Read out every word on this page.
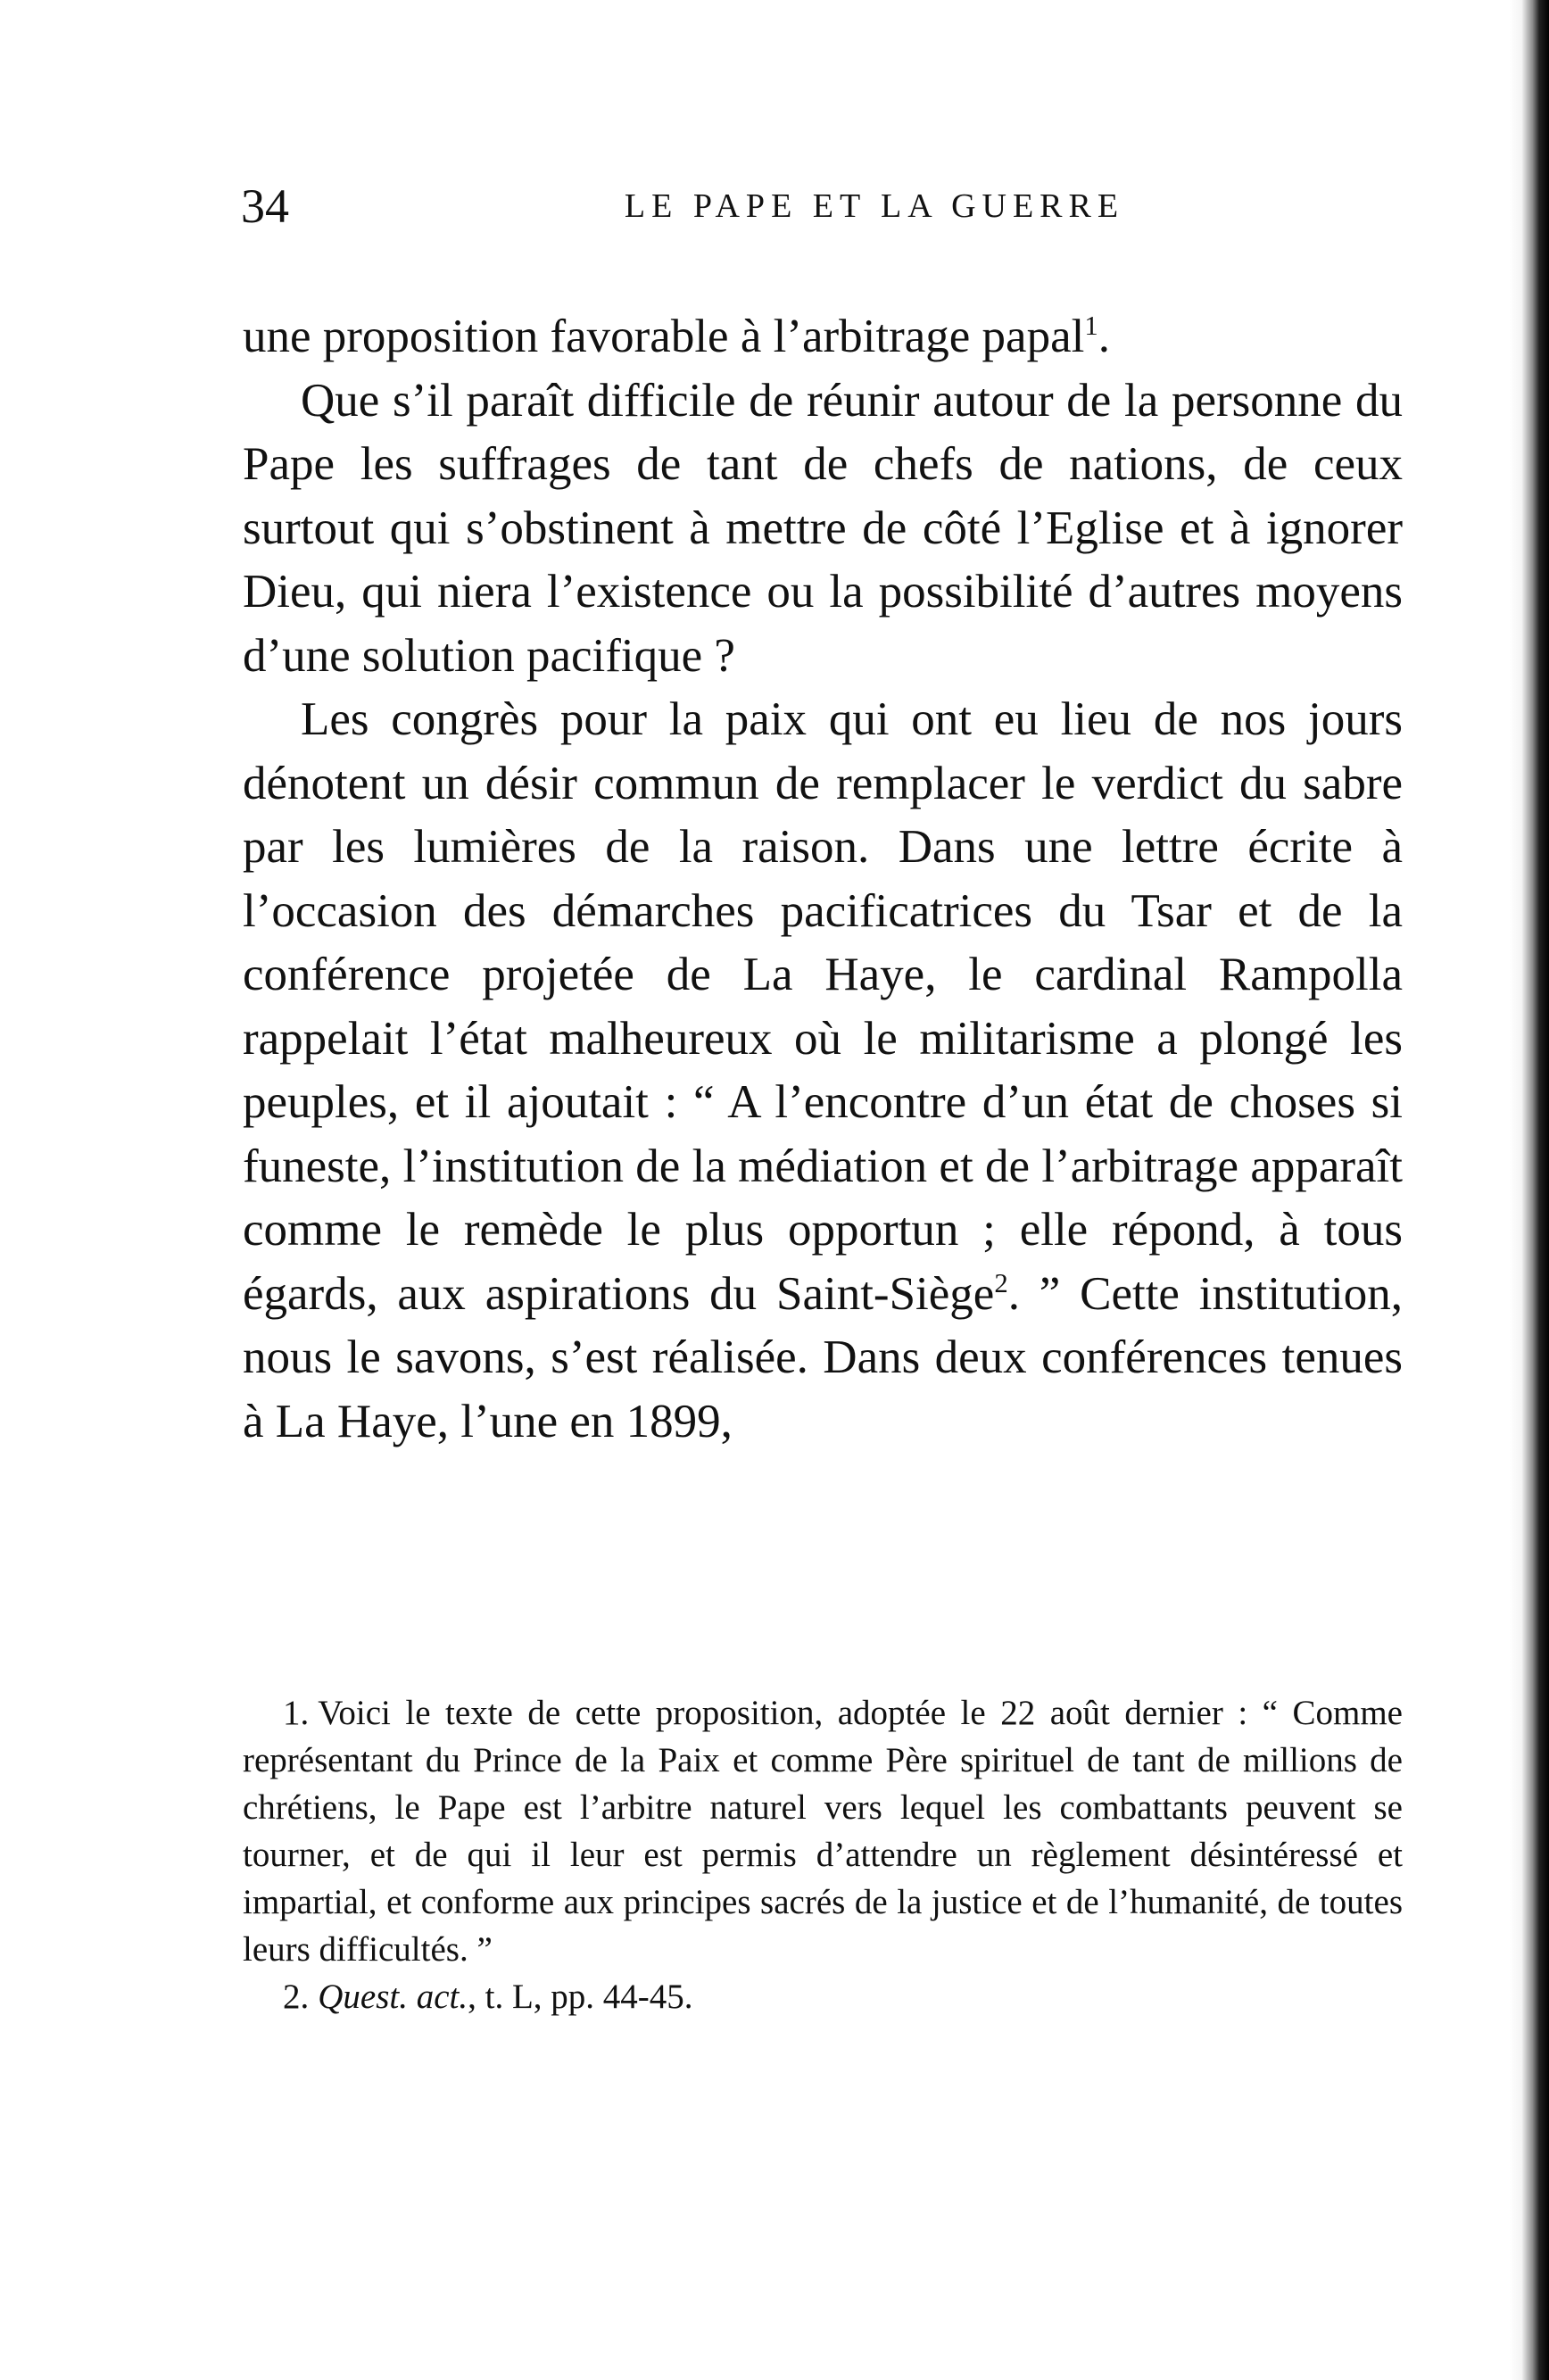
34	LE PAPE ET LA GUERRE

une proposition favorable à l’arbitrage papal$^1$.

Que s’il paraît difficile de réunir autour de la personne du Pape les suffrages de tant de chefs de nations, de ceux surtout qui s’obstinent à mettre de côté l’Eglise et à ignorer Dieu, qui niera l’existence ou la possibilité d’autres moyens d’une solution pacifique ?

Les congrès pour la paix qui ont eu lieu de nos jours dénotent un désir commun de remplacer le verdict du sabre par les lumières de la raison. Dans une lettre écrite à l’occasion des démarches pacificatrices du Tsar et de la conférence projetée de La Haye, le cardinal Rampolla rappelait l’état malheureux où le militarisme a plongé les peuples, et il ajoutait : “ A l’encontre d’un état de choses si funeste, l’institution de la médiation et de l’arbitrage apparaît comme le remède le plus opportun ; elle répond, à tous égards, aux aspirations du Saint-Siège$^2$. ” Cette institution, nous le savons, s’est réalisée. Dans deux conférences tenues à La Haye, l’une en 1899,

1. Voici le texte de cette proposition, adoptée le 22 août dernier : “ Comme représentant du Prince de la Paix et comme Père spirituel de tant de millions de chrétiens, le Pape est l’arbitre naturel vers lequel les combattants peuvent se tourner, et de qui il leur est permis d’attendre un règlement désintéressé et impartial, et conforme aux principes sacrés de la justice et de l’humanité, de toutes leurs difficultés. ”

2. Quest. act., t. L, pp. 44-45.
